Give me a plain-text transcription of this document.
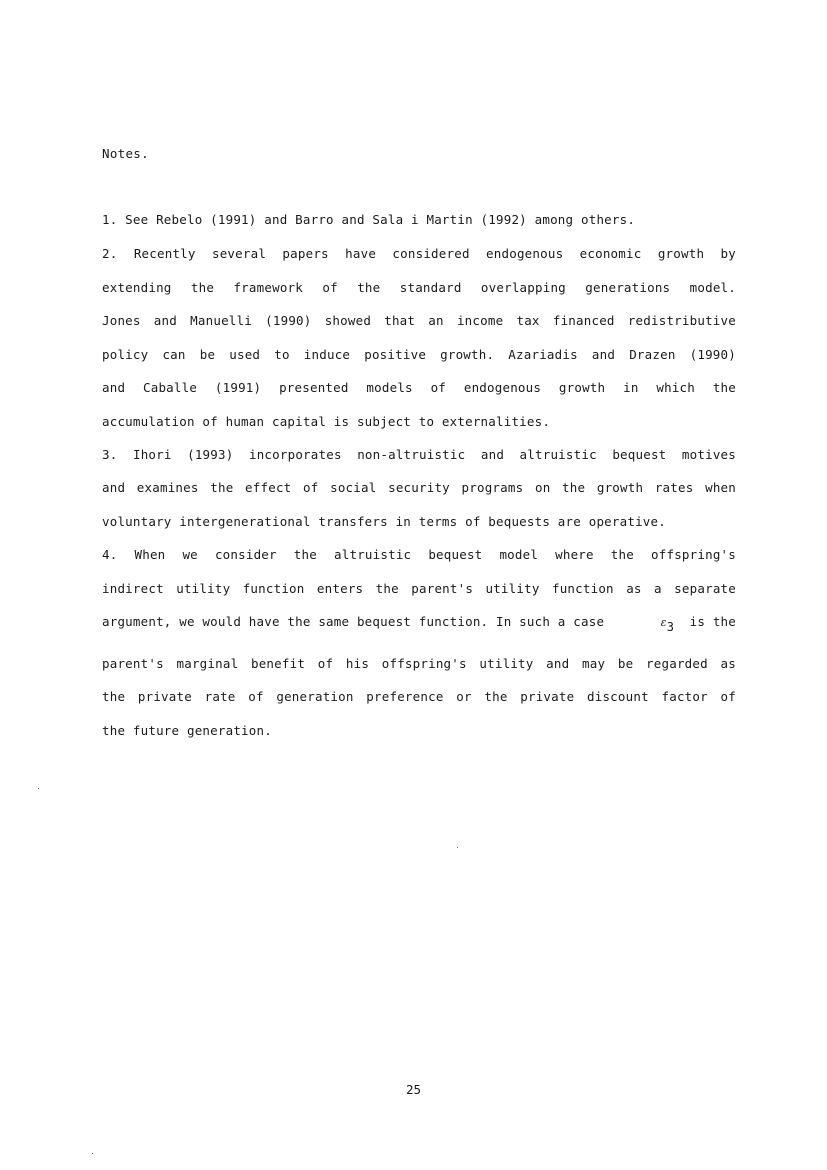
Notes.
1. See Rebelo (1991) and Barro and Sala i Martin (1992) among others.
2. Recently several papers have considered endogenous economic growth by
extending the framework of the standard overlapping generations model.
Jones and Manuelli (1990) showed that an income tax financed redistributive
policy can be used to induce positive growth. Azariadis and Drazen (1990)
and Caballe (1991) presented models of endogenous growth in which the
accumulation of human capital is subject to externalities.
3. Ihori (1993) incorporates non-altruistic and altruistic bequest motives
and examines the effect of social security programs on the growth rates when
voluntary intergenerational transfers in terms of bequests are operative.
4. When we consider the altruistic bequest model where the offspring's
indirect utility function enters the parent's utility function as a separate
argument, we would have the same bequest function. In such a case	ε3 is the
parent's marginal benefit of his offspring's utility and may be regarded as
the private rate of generation preference or the private discount factor of
the future generation.
25
